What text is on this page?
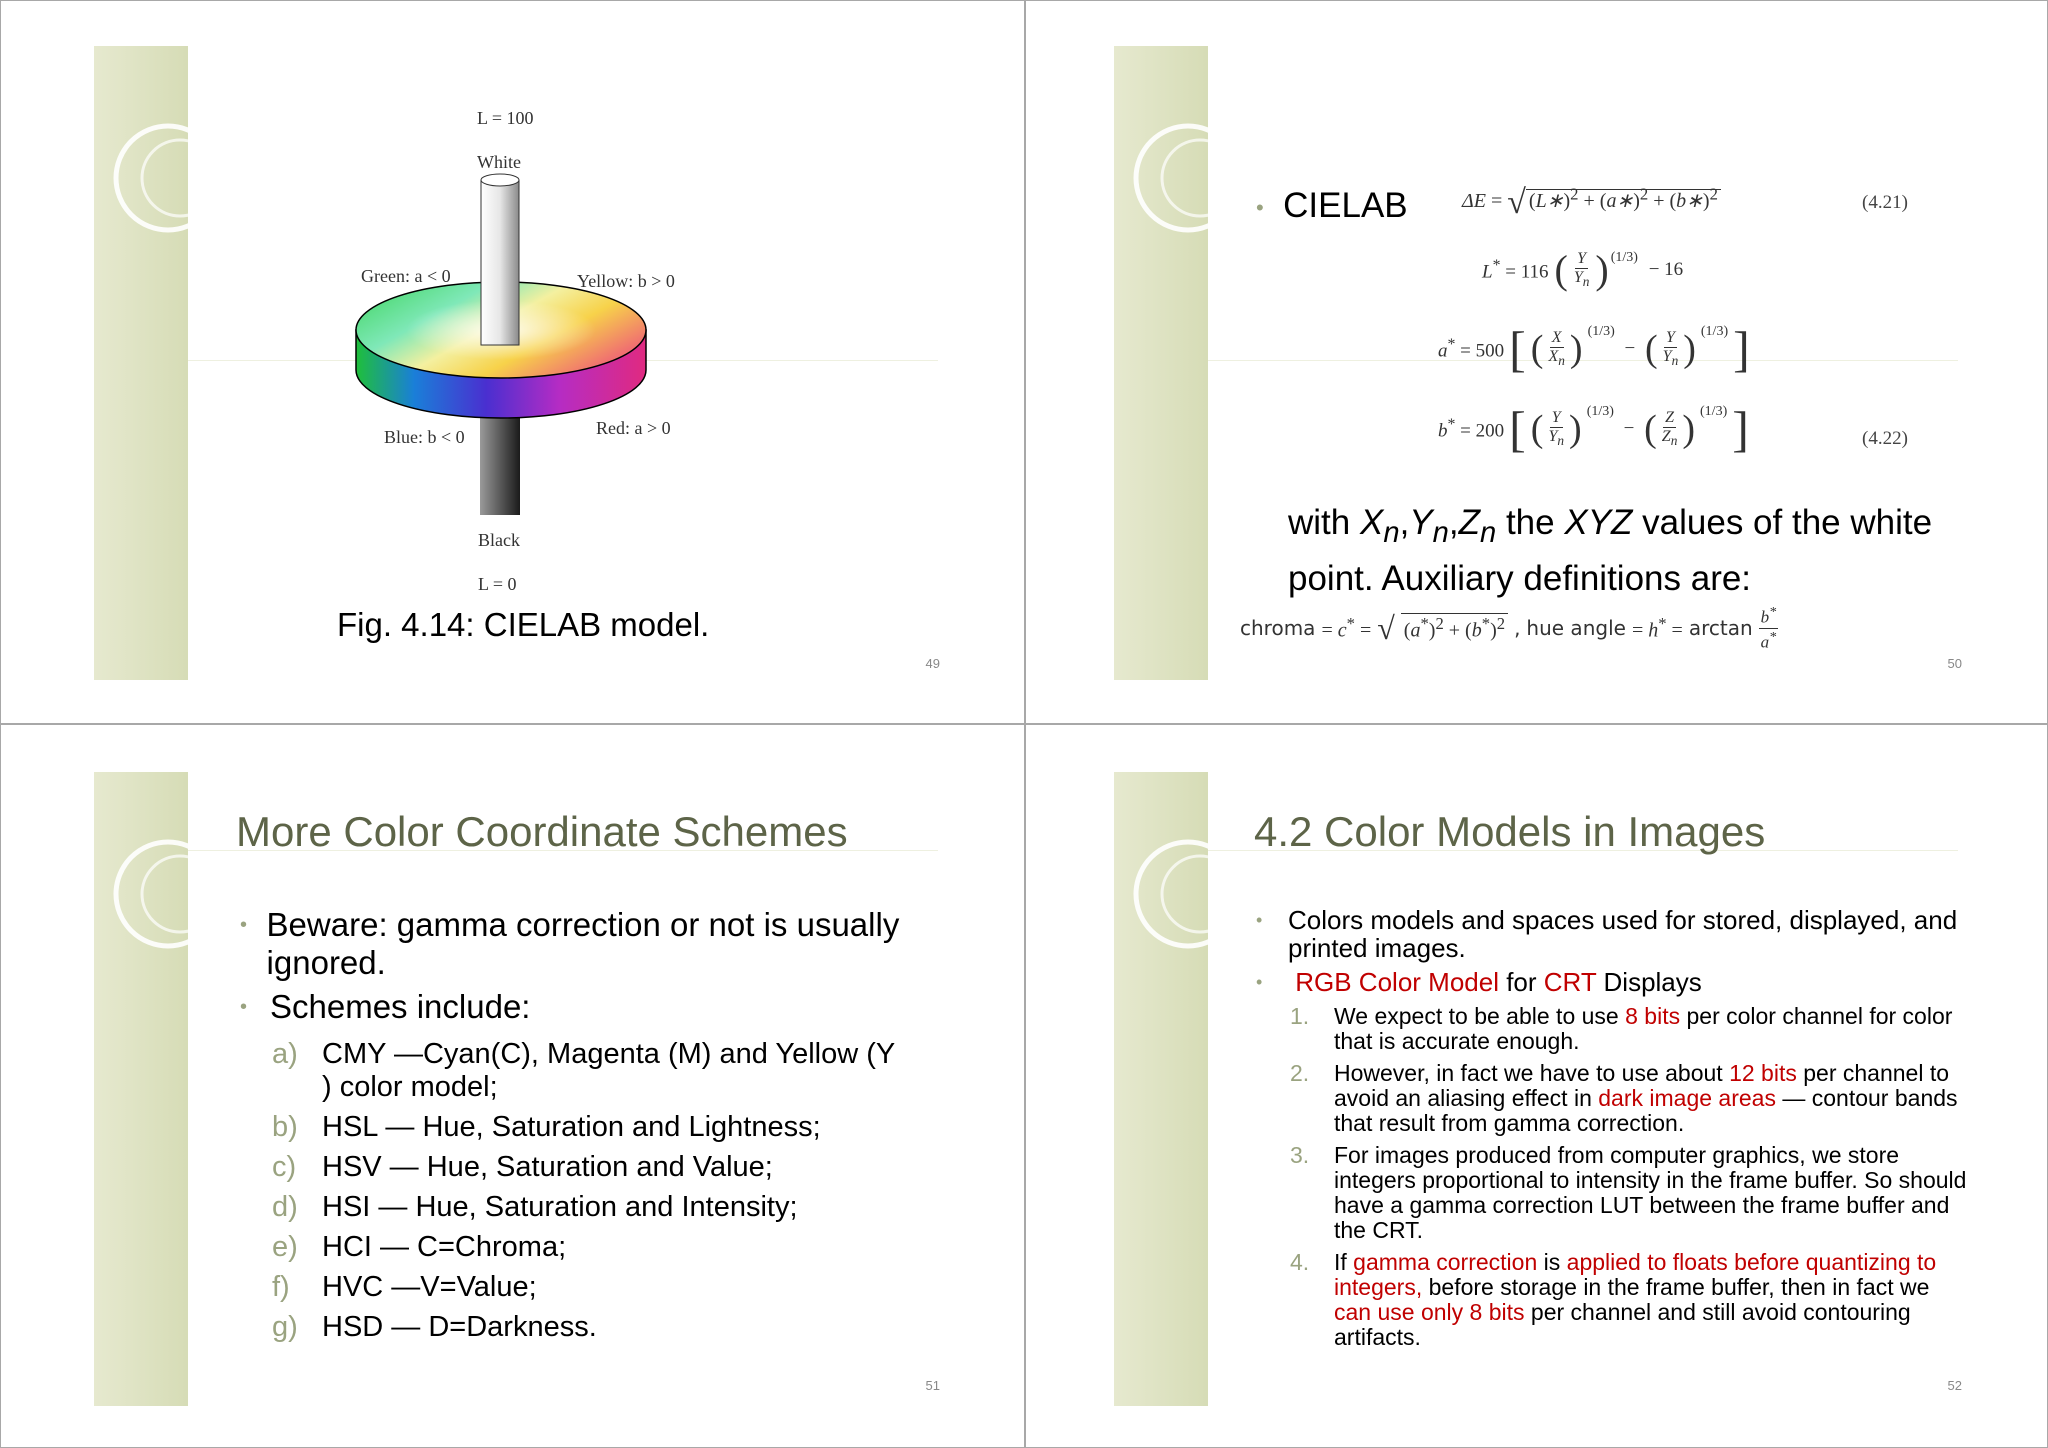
L = 100
White
Green: a < 0	Yellow: b > 0
Blue: b < 0	Red: a > 0
Black
L = 0
Fig. 4.14: CIELAB model.
49
• CIELAB	ΔE = √ (L∗)$^2$ + (a∗)$^2$ + (b∗)$^2$	(4.21)
L* = 116 ( Y
$Y_n$ )$^{(1/3)}$
− 16
a* = 500 [ ( X
$X_n$ ) $^{(1/3)}$
− ( Y
$Y_n$ ) $^{(1/3)}$ ]
b* = 200 [ ( Y
$Y_n$ ) $^{(1/3)}$
− ( Z
$Z_n$ ) $^{(1/3)}$ ]	(4.22)
with $X_n,Y_n,Z_n$ the XYZ values of the white
point. Auxiliary definitions are:
chroma = c* = √ $(a^*)^2 + (b^*)^2$ , hue angle = h* = arctan b*
a*
50
More Color Coordinate Schemes
• Beware: gamma correction or not is usually ignored.
• Schemes include:
a) CMY —Cyan(C), Magenta (M) and Yellow (Y ) color model;
b) HSL — Hue, Saturation and Lightness;
c) HSV — Hue, Saturation and Value;
d) HSI — Hue, Saturation and Intensity;
e) HCI — C=Chroma;
f)	HVC —V=Value;
g) HSD — D=Darkness.
51
4.2 Color Models in Images
• Colors models and spaces used for stored, displayed, and printed images.
•	RGB Color Model for CRT Displays
1.	We expect to be able to use 8 bits per color channel for color that is accurate enough.
2.	However, in fact we have to use about 12 bits per channel to avoid an aliasing effect in dark image areas — contour bands that result from gamma correction.
3.	For images produced from computer graphics, we store integers proportional to intensity in the frame buffer. So should have a gamma correction LUT between the frame buffer and the CRT.
4.	If gamma correction is applied to floats before quantizing to integers, before storage in the frame buffer, then in fact we can use only 8 bits per channel and still avoid contouring artifacts.
52
